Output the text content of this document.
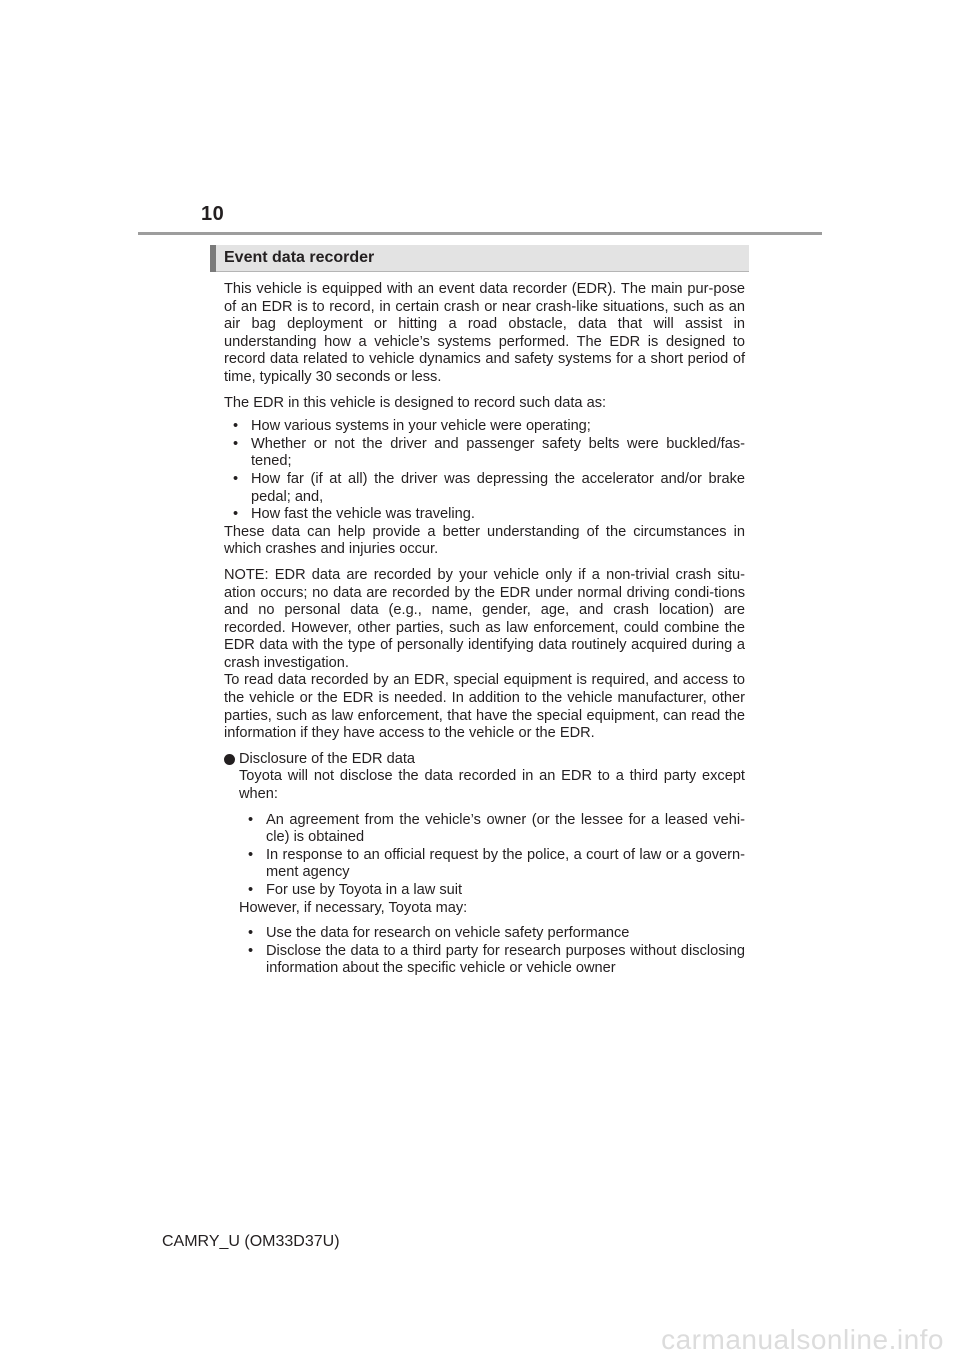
10
Event data recorder

This vehicle is equipped with an event data recorder (EDR). The main pur-pose of an EDR is to record, in certain crash or near crash-like situations, such as an air bag deployment or hitting a road obstacle, data that will assist in understanding how a vehicle’s systems performed. The EDR is designed to record data related to vehicle dynamics and safety systems for a short period of time, typically 30 seconds or less.

The EDR in this vehicle is designed to record such data as:

• How various systems in your vehicle were operating;
• Whether or not the driver and passenger safety belts were buckled/fas-tened;
• How far (if at all) the driver was depressing the accelerator and/or brake pedal; and,
• How fast the vehicle was traveling.

These data can help provide a better understanding of the circumstances in which crashes and injuries occur.

NOTE: EDR data are recorded by your vehicle only if a non-trivial crash situ-ation occurs; no data are recorded by the EDR under normal driving condi-tions and no personal data (e.g., name, gender, age, and crash location) are recorded. However, other parties, such as law enforcement, could combine the EDR data with the type of personally identifying data routinely acquired during a crash investigation.

To read data recorded by an EDR, special equipment is required, and access to the vehicle or the EDR is needed. In addition to the vehicle manufacturer, other parties, such as law enforcement, that have the special equipment, can read the information if they have access to the vehicle or the EDR.

Disclosure of the EDR data

Toyota will not disclose the data recorded in an EDR to a third party except when:

• An agreement from the vehicle’s owner (or the lessee for a leased vehi-cle) is obtained
• In response to an official request by the police, a court of law or a govern-ment agency
• For use by Toyota in a law suit

However, if necessary, Toyota may:

• Use the data for research on vehicle safety performance
• Disclose the data to a third party for research purposes without disclosing information about the specific vehicle or vehicle owner
CAMRY_U (OM33D37U)
carmanualsonline.info
